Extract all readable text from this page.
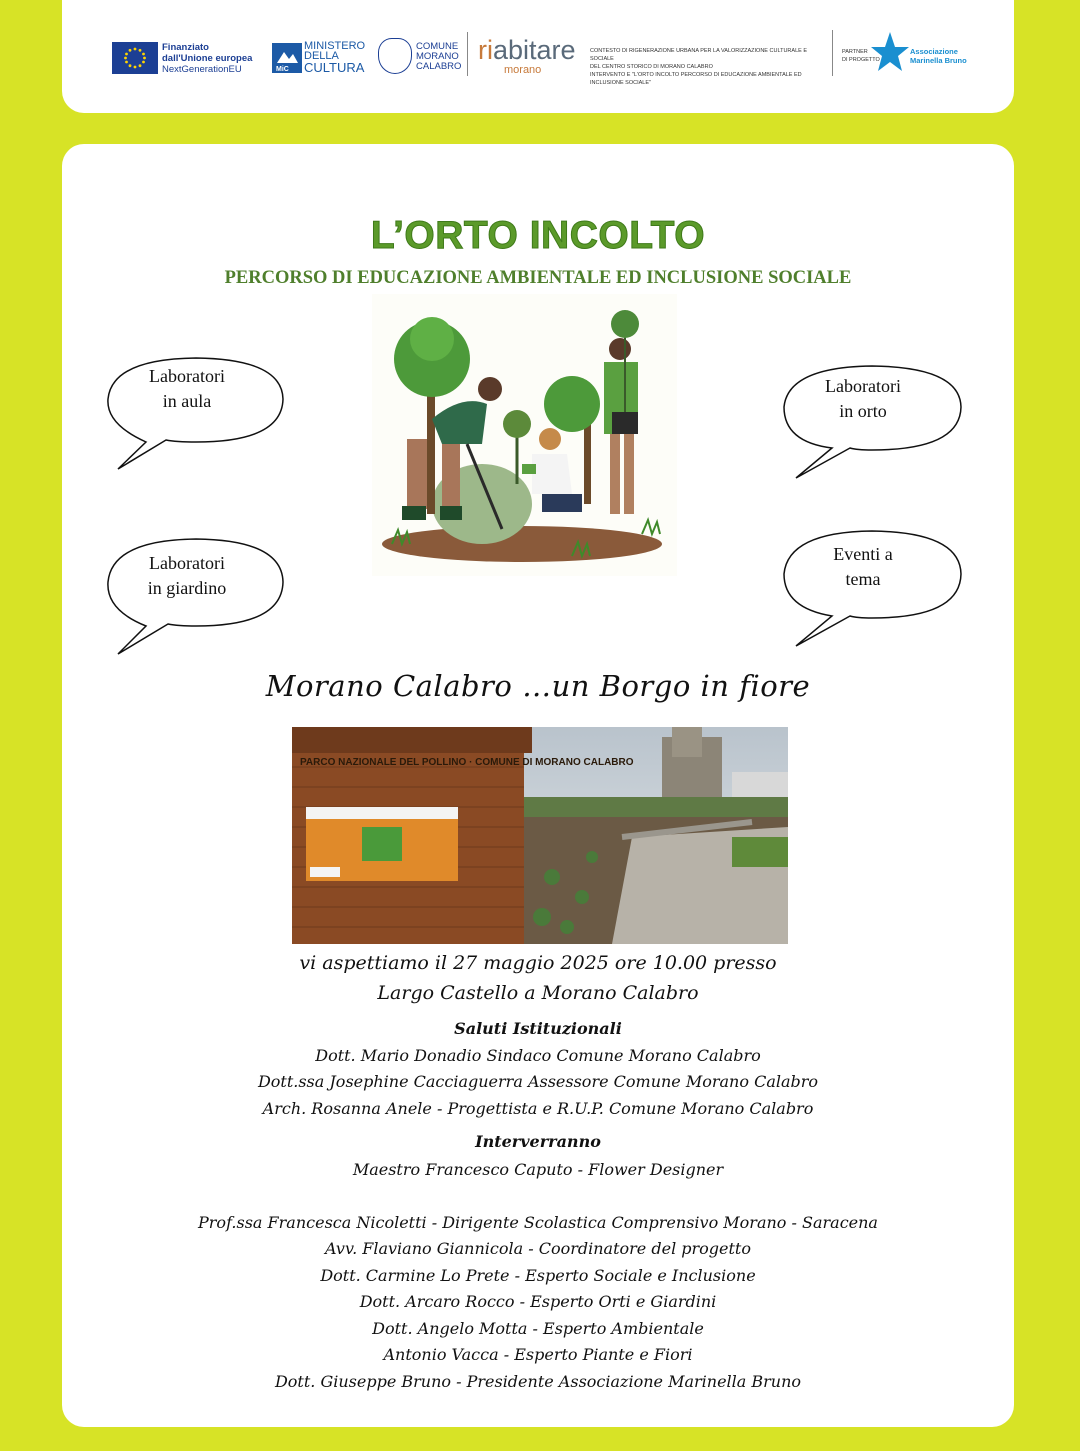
Finanziato
dall'Unione europea
NextGenerationEU	MiC
MINISTERO
DELLA
CULTURA
COMUNE
MORANO
CALABRO
riabitare
morano
CONTESTO DI RIGENERAZIONE URBANA PER LA VALORIZZAZIONE CULTURALE E SOCIALE
DEL CENTRO STORICO DI MORANO CALABRO
INTERVENTO E "L'ORTO INCOLTO PERCORSO DI EDUCAZIONE AMBIENTALE ED INCLUSIONE SOCIALE"
PARTNER
DI PROGETTO
Associazione
Marinella Bruno
L’ORTO INCOLTO
PERCORSO DI EDUCAZIONE AMBIENTALE ED INCLUSIONE SOCIALE
Laboratori
in aula
Laboratori
in orto
Laboratori
in giardino
Eventi a
tema
Morano Calabro …un Borgo in fiore
PARCO NAZIONALE DEL POLLINO · COMUNE DI MORANO CALABRO
vi aspettiamo il 27 maggio 2025 ore 10.00 presso
Largo Castello a Morano Calabro
Saluti Istituzionali
Dott. Mario Donadio Sindaco Comune Morano Calabro
Dott.ssa Josephine Cacciaguerra Assessore Comune Morano Calabro
Arch. Rosanna Anele - Progettista e R.U.P. Comune Morano Calabro
Interverranno
Maestro Francesco Caputo - Flower Designer
Prof.ssa Francesca Nicoletti - Dirigente Scolastica Comprensivo Morano - Saracena
Avv. Flaviano Giannicola - Coordinatore del progetto
Dott. Carmine Lo Prete - Esperto Sociale e Inclusione
Dott. Arcaro Rocco - Esperto Orti e Giardini
Dott. Angelo Motta - Esperto Ambientale
Antonio Vacca - Esperto Piante e Fiori
Dott. Giuseppe Bruno - Presidente Associazione Marinella Bruno
